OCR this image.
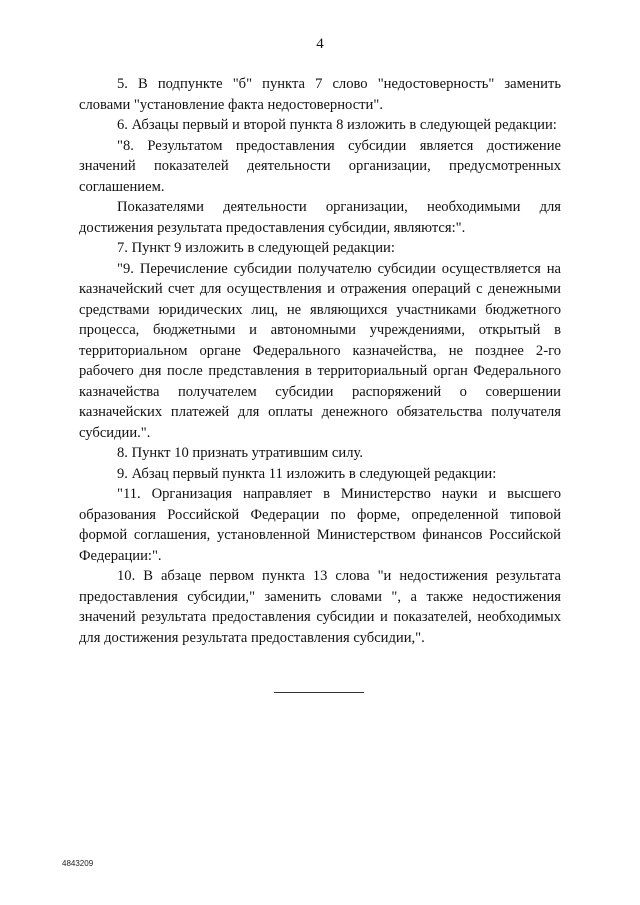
4

5. В подпункте "б" пункта 7 слово "недостоверность" заменить словами "установление факта недостоверности".

6. Абзацы первый и второй пункта 8 изложить в следующей редакции:

"8. Результатом предоставления субсидии является достижение значений показателей деятельности организации, предусмотренных соглашением.

Показателями деятельности организации, необходимыми для достижения результата предоставления субсидии, являются:".

7. Пункт 9 изложить в следующей редакции:

"9. Перечисление субсидии получателю субсидии осуществляется на казначейский счет для осуществления и отражения операций с денежными средствами юридических лиц, не являющихся участниками бюджетного процесса, бюджетными и автономными учреждениями, открытый в территориальном органе Федерального казначейства, не позднее 2-го рабочего дня после представления в территориальный орган Федерального казначейства получателем субсидии распоряжений о совершении казначейских платежей для оплаты денежного обязательства получателя субсидии.".

8. Пункт 10 признать утратившим силу.

9. Абзац первый пункта 11 изложить в следующей редакции:

"11. Организация направляет в Министерство науки и высшего образования Российской Федерации по форме, определенной типовой формой соглашения, установленной Министерством финансов Российской Федерации:".

10. В абзаце первом пункта 13 слова "и недостижения результата предоставления субсидии," заменить словами ", а также недостижения значений результата предоставления субсидии и показателей, необходимых для достижения результата предоставления субсидии,".

4843209
